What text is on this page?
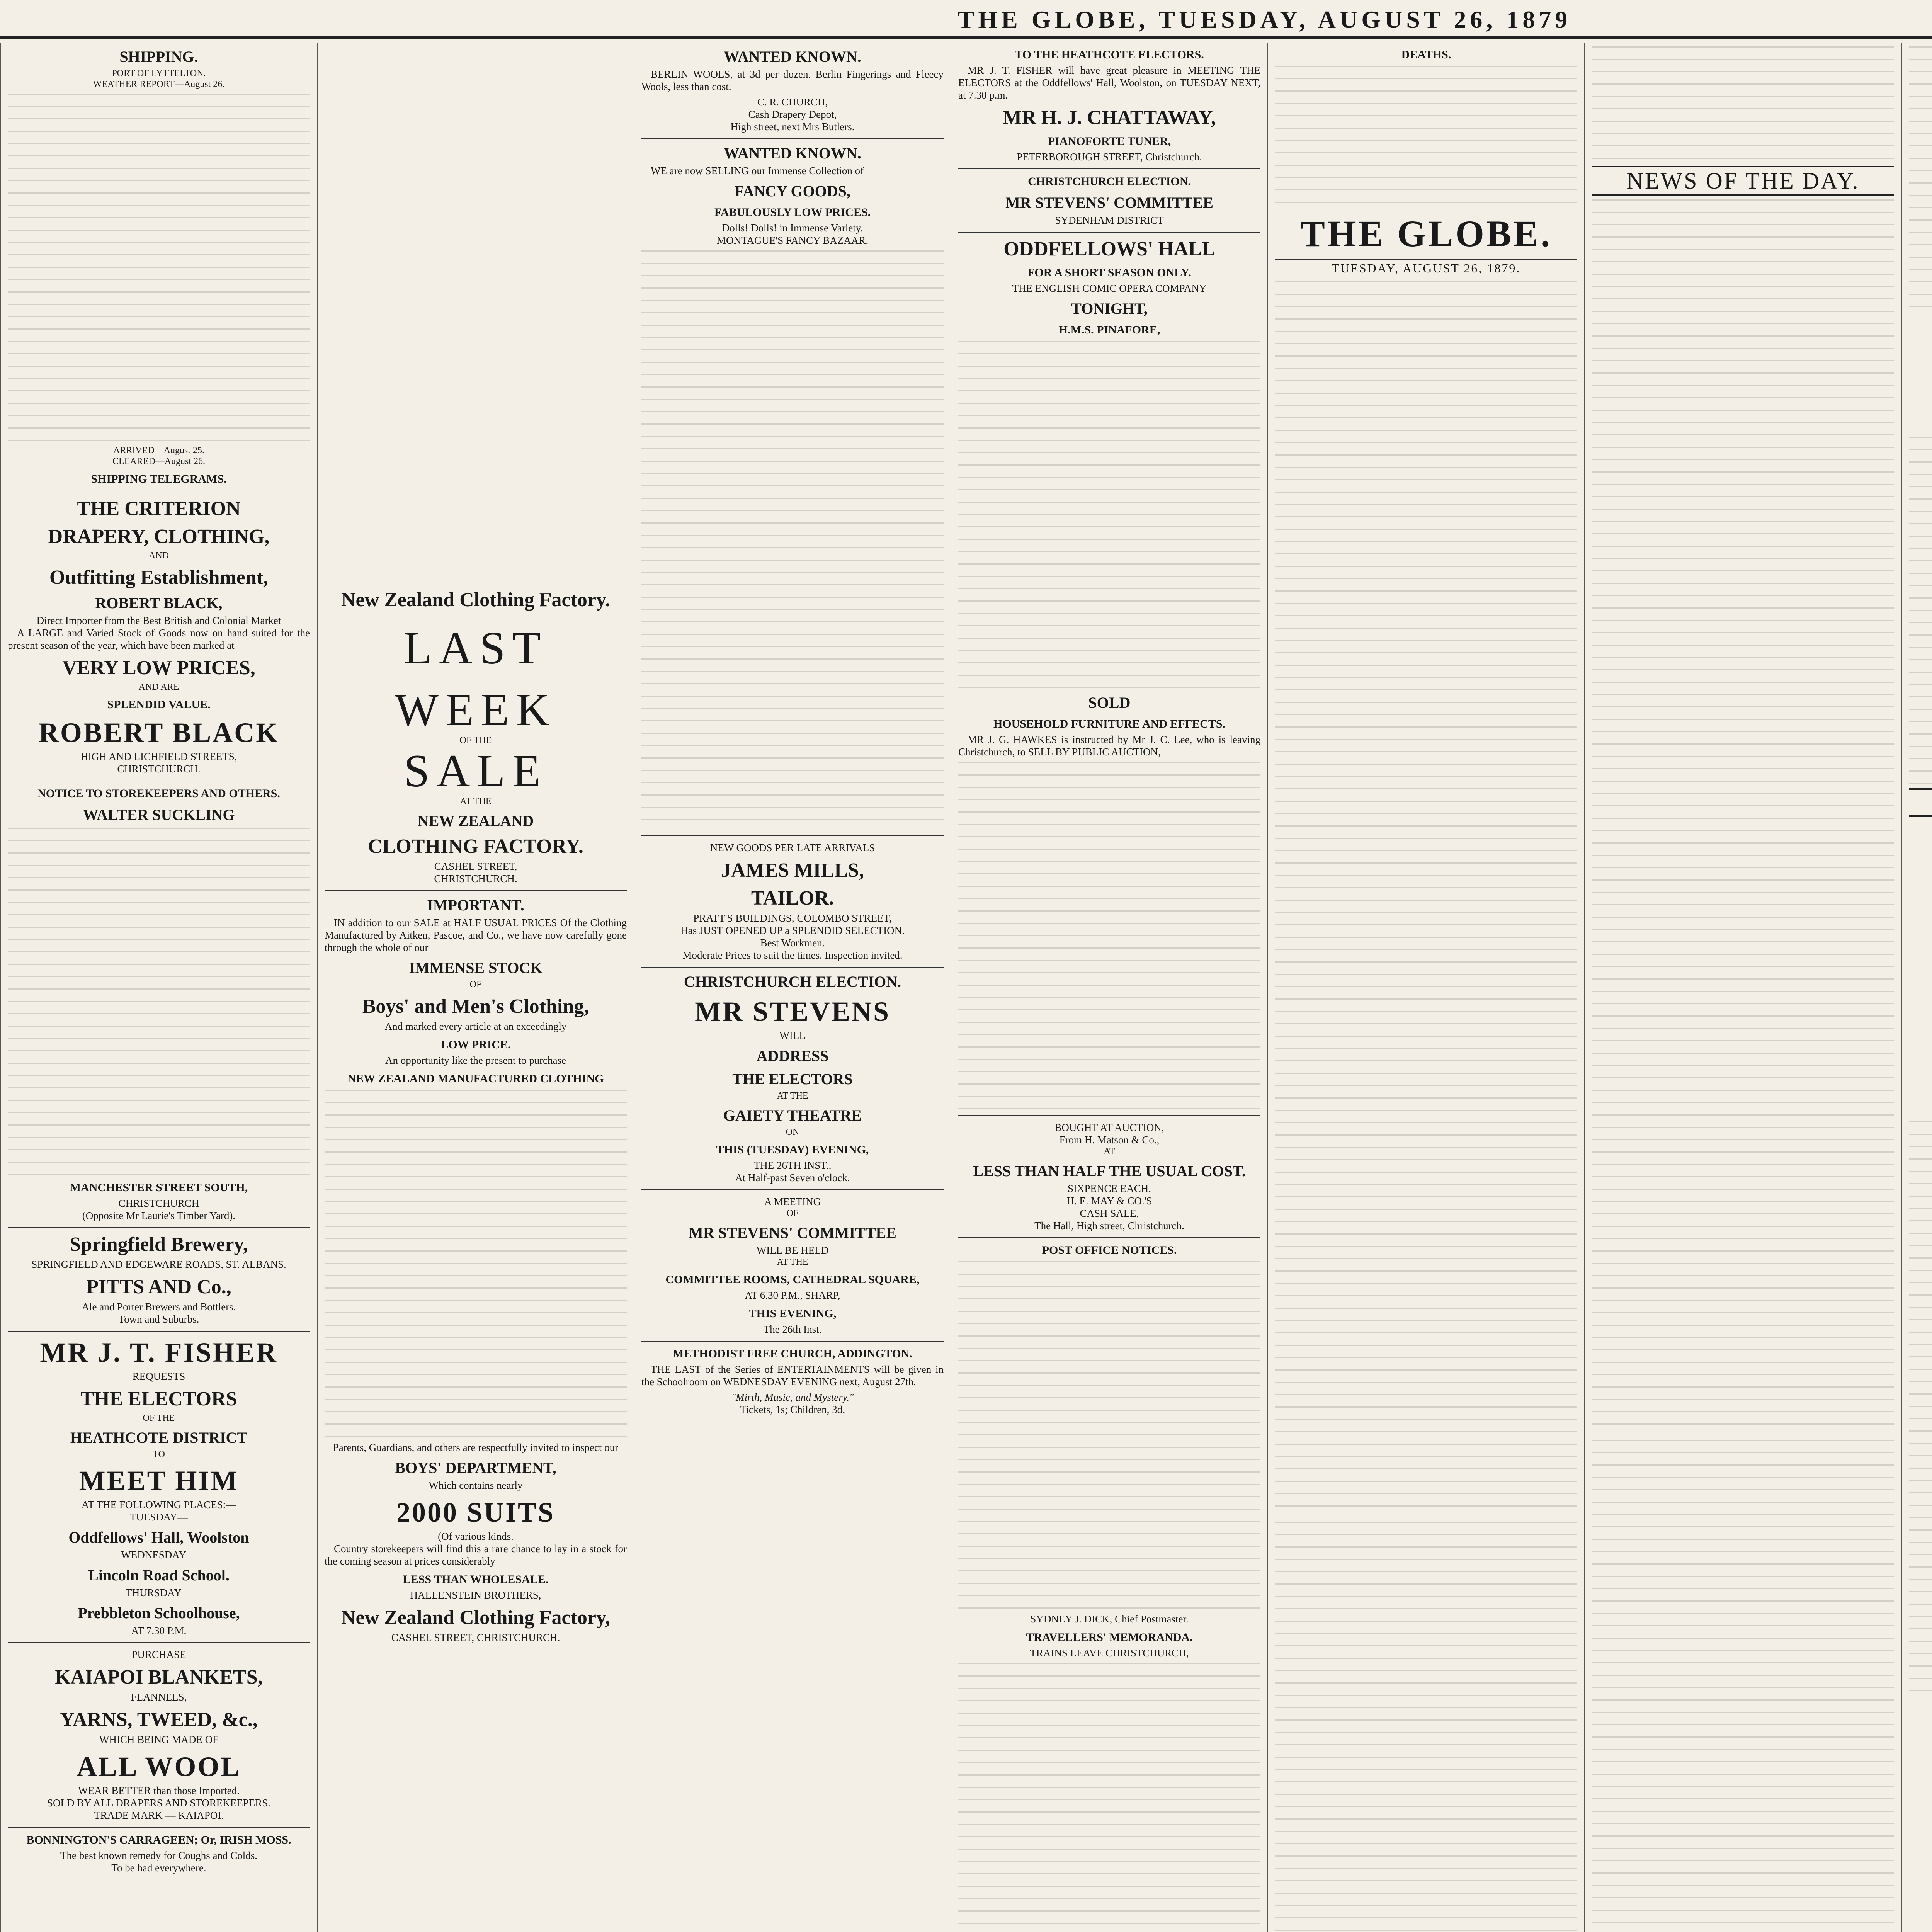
THE GLOBE, TUESDAY, AUGUST 26, 1879
SHIPPING.
PORT OF LYTTELTON.
WEATHER REPORT—August 26.
ARRIVED—August 25.
CLEARED—August 26.
SHIPPING TELEGRAMS.
THE CRITERION
DRAPERY, CLOTHING,
AND
Outfitting Establishment,
ROBERT BLACK,
Direct Importer from the Best British and Colonial Market

A LARGE and Varied Stock of Goods now on hand suited for the present season of the year, which have been marked at

VERY LOW PRICES,
AND ARE
SPLENDID VALUE.
ROBERT BLACK
HIGH AND LICHFIELD STREETS,
CHRISTCHURCH.
NOTICE TO STOREKEEPERS AND OTHERS.
WALTER SUCKLING
MANCHESTER STREET SOUTH,
CHRISTCHURCH
(Opposite Mr Laurie's Timber Yard).
Springfield Brewery,
SPRINGFIELD AND EDGEWARE ROADS, ST. ALBANS.
PITTS AND Co.,
Ale and Porter Brewers and Bottlers.
Town and Suburbs.
MR J. T. FISHER
REQUESTS
THE ELECTORS
OF THE
HEATHCOTE DISTRICT
TO
MEET HIM
AT THE FOLLOWING PLACES:—
TUESDAY—
Oddfellows' Hall, Woolston
WEDNESDAY—
Lincoln Road School.
THURSDAY—
Prebbleton Schoolhouse,
AT 7.30 P.M.
PURCHASE
KAIAPOI BLANKETS,
FLANNELS,
YARNS, TWEED, &c.,
WHICH BEING MADE OF
ALL WOOL
WEAR BETTER than those Imported.
SOLD BY ALL DRAPERS AND STOREKEEPERS.
TRADE MARK — KAIAPOI.
BONNINGTON'S CARRAGEEN; Or, IRISH MOSS.
The best known remedy for Coughs and Colds.
To be had everywhere.
New Zealand Clothing Factory.
LAST
WEEK
OF THE
SALE
AT THE
NEW ZEALAND
CLOTHING FACTORY.
CASHEL STREET,
CHRISTCHURCH.
IMPORTANT.

IN addition to our SALE at HALF USUAL PRICES Of the Clothing Manufactured by Aitken, Pascoe, and Co., we have now carefully gone through the whole of our

IMMENSE STOCK
OF
Boys' and Men's Clothing,
And marked every article at an exceedingly
LOW PRICE.
An opportunity like the present to purchase
NEW ZEALAND MANUFACTURED CLOTHING
Parents, Guardians, and others are respectfully invited to inspect our
BOYS' DEPARTMENT,
Which contains nearly
2000 SUITS
(Of various kinds.

Country storekeepers will find this a rare chance to lay in a stock for the coming season at prices considerably

LESS THAN WHOLESALE.
HALLENSTEIN BROTHERS,
New Zealand Clothing Factory,
CASHEL STREET, CHRISTCHURCH.
WANTED KNOWN.

BERLIN WOOLS, at 3d per dozen. Berlin Fingerings and Fleecy Wools, less than cost.

C. R. CHURCH,
Cash Drapery Depot,
High street, next Mrs Butlers.
WANTED KNOWN.

WE are now SELLING our Immense Collection of

FANCY GOODS,
FABULOUSLY LOW PRICES.
Dolls! Dolls! in Immense Variety.
MONTAGUE'S FANCY BAZAAR,
NEW GOODS PER LATE ARRIVALS
JAMES MILLS,
TAILOR.
PRATT'S BUILDINGS, COLOMBO STREET,
Has JUST OPENED UP a SPLENDID SELECTION.
Best Workmen.
Moderate Prices to suit the times. Inspection invited.
CHRISTCHURCH ELECTION.
MR STEVENS
WILL
ADDRESS
THE ELECTORS
AT THE
GAIETY THEATRE
ON
THIS (TUESDAY) EVENING,
THE 26TH INST.,
At Half-past Seven o'clock.
A MEETING
OF
MR STEVENS' COMMITTEE
WILL BE HELD
AT THE
COMMITTEE ROOMS, CATHEDRAL SQUARE,
AT 6.30 P.M., SHARP,
THIS EVENING,
The 26th Inst.
METHODIST FREE CHURCH, ADDINGTON.

THE LAST of the Series of ENTERTAINMENTS will be given in the Schoolroom on WEDNESDAY EVENING next, August 27th.

"Mirth, Music, and Mystery."
Tickets, 1s; Children, 3d.
TO THE HEATHCOTE ELECTORS.

MR J. T. FISHER will have great pleasure in MEETING THE ELECTORS at the Oddfellows' Hall, Woolston, on TUESDAY NEXT, at 7.30 p.m.

MR H. J. CHATTAWAY,
PIANOFORTE TUNER,
PETERBOROUGH STREET, Christchurch.
CHRISTCHURCH ELECTION.
MR STEVENS' COMMITTEE
SYDENHAM DISTRICT
ODDFELLOWS' HALL
FOR A SHORT SEASON ONLY.
THE ENGLISH COMIC OPERA COMPANY
TONIGHT,
H.M.S. PINAFORE,
SOLD
HOUSEHOLD FURNITURE AND EFFECTS.

MR J. G. HAWKES is instructed by Mr J. C. Lee, who is leaving Christchurch, to SELL BY PUBLIC AUCTION,

BOUGHT AT AUCTION,
From H. Matson & Co.,
AT
LESS THAN HALF THE USUAL COST.
SIXPENCE EACH.
H. E. MAY & CO.'S
CASH SALE,
The Hall, High street, Christchurch.
POST OFFICE NOTICES.
SYDNEY J. DICK, Chief Postmaster.
TRAVELLERS' MEMORANDA.
TRAINS LEAVE CHRISTCHURCH,
DEATHS.
THE GLOBE.
TUESDAY, AUGUST 26, 1879.
NEWS OF THE DAY.
